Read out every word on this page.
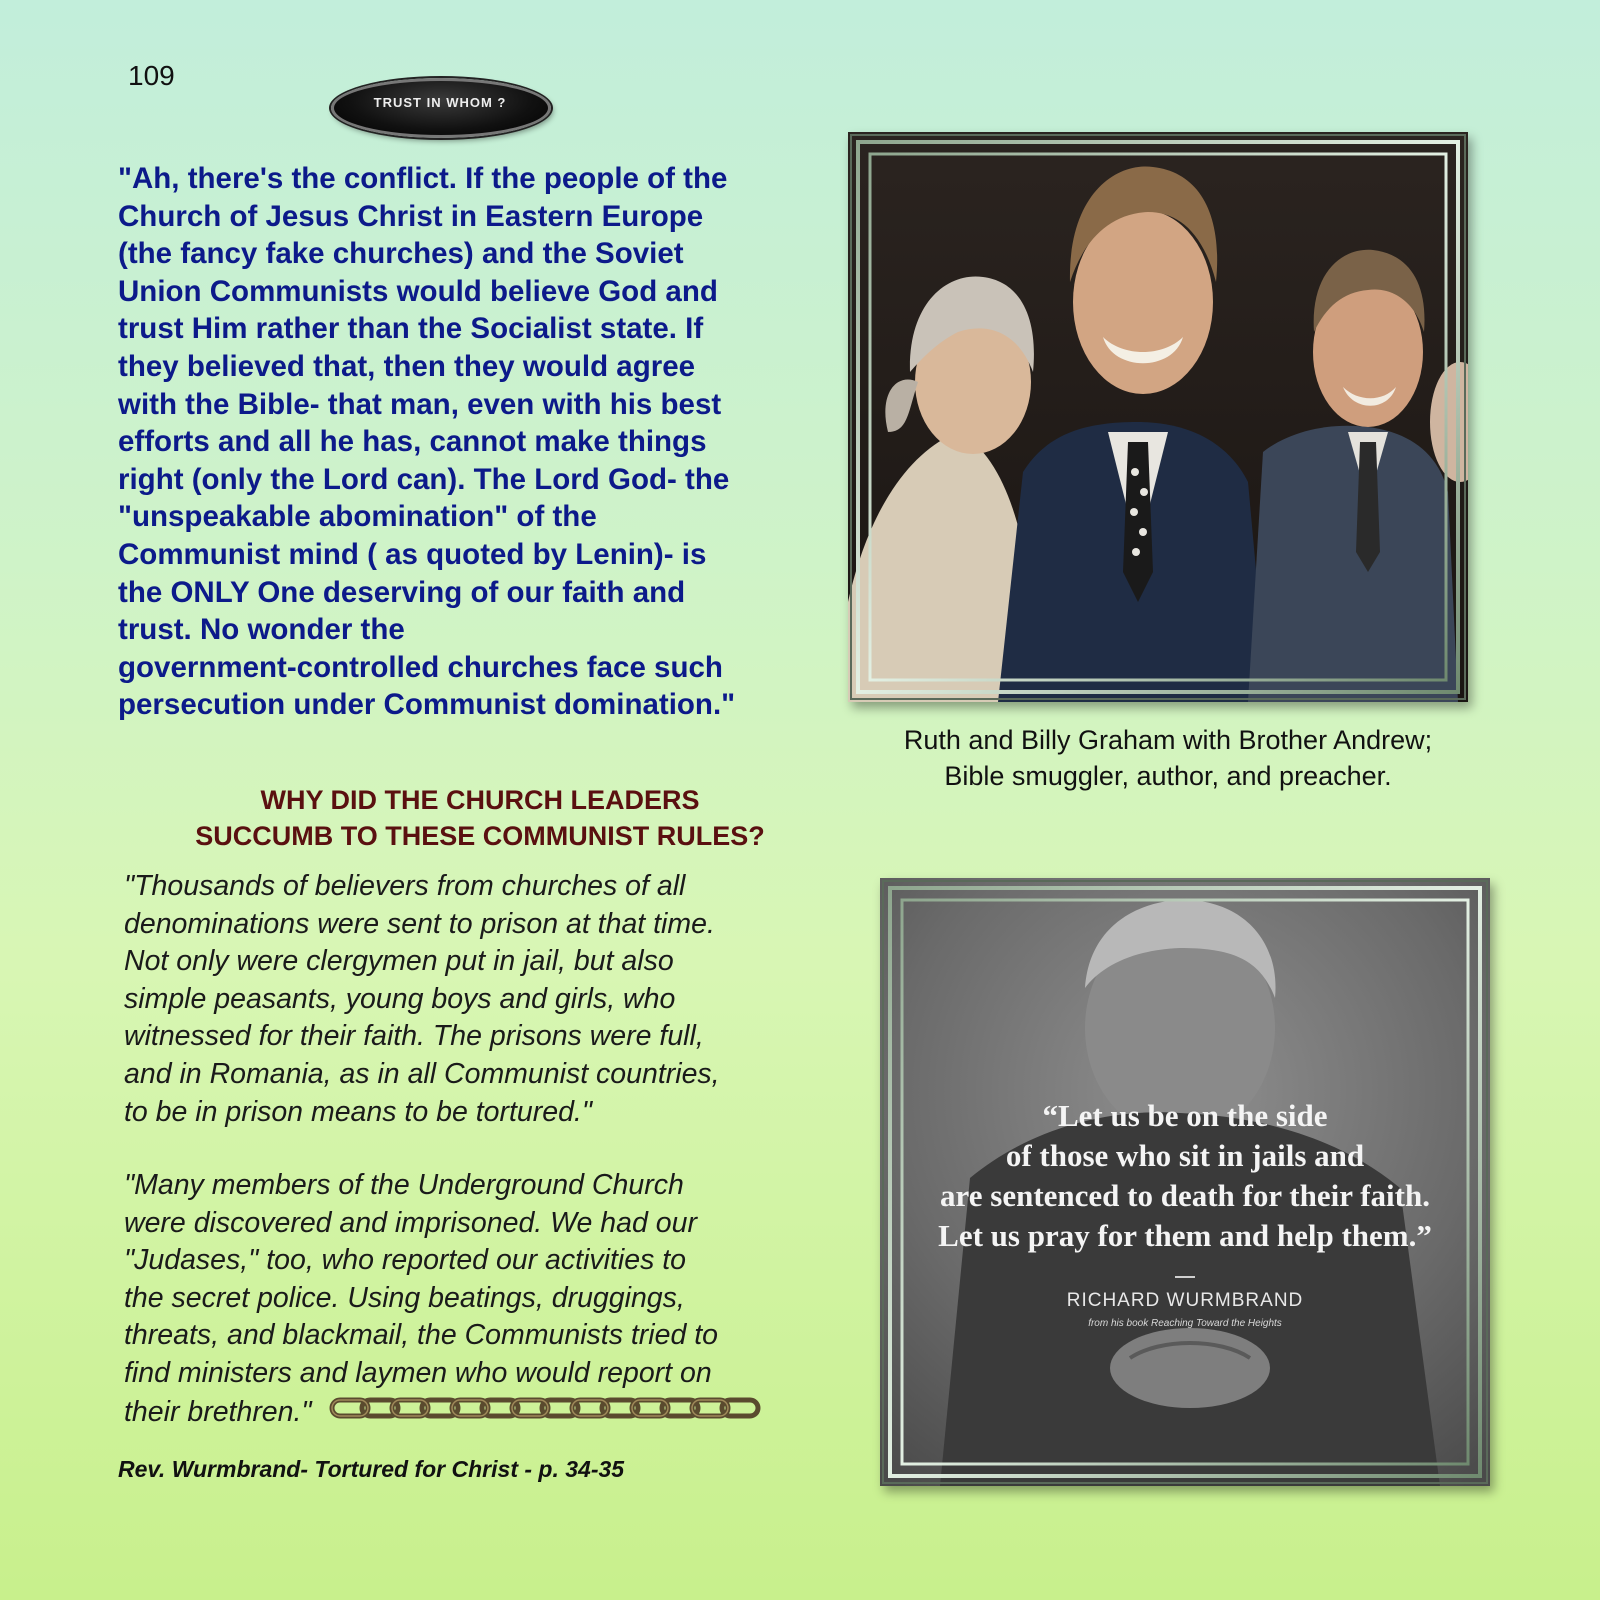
109
TRUST IN WHOM ?

"Ah, there's the conflict. If the people of the

Church of Jesus Christ in Eastern Europe

(the fancy fake churches) and the Soviet

Union Communists would believe God and

trust Him rather than the Socialist state. If

they believed that, then they would agree

with the Bible- that man, even with his best

efforts and all he has, cannot make things

right (only the Lord can). The Lord God- the

"unspeakable abomination" of the

Communist mind ( as quoted by Lenin)- is

the ONLY One deserving of our faith and

trust. No wonder the

government-controlled churches face such

persecution under Communist domination."

WHY DID THE CHURCH LEADERS

SUCCUMB TO THESE COMMUNIST RULES?

"Thousands of believers from churches of all

denominations were sent to prison at that time.

Not only were clergymen put in jail, but also

simple peasants, young boys and girls, who

witnessed for their faith. The prisons were full,

and in Romania, as in all Communist countries,

to be in prison means to be tortured."

"Many members of the Underground Church

were discovered and imprisoned. We had our

"Judases," too, who reported our activities to

the secret police. Using beatings, druggings,

threats, and blackmail, the Communists tried to

find ministers and laymen who would report on

their brethren."

Rev. Wurmbrand- Tortured for Christ - p. 34-35

Ruth and Billy Graham with Brother Andrew;

Bible smuggler, author, and preacher.

“Let us be on the side

of those who sit in jails and

are sentenced to death for their faith.

Let us pray for them and help them.”

RICHARD WURMBRAND
from his book Reaching Toward the Heights
